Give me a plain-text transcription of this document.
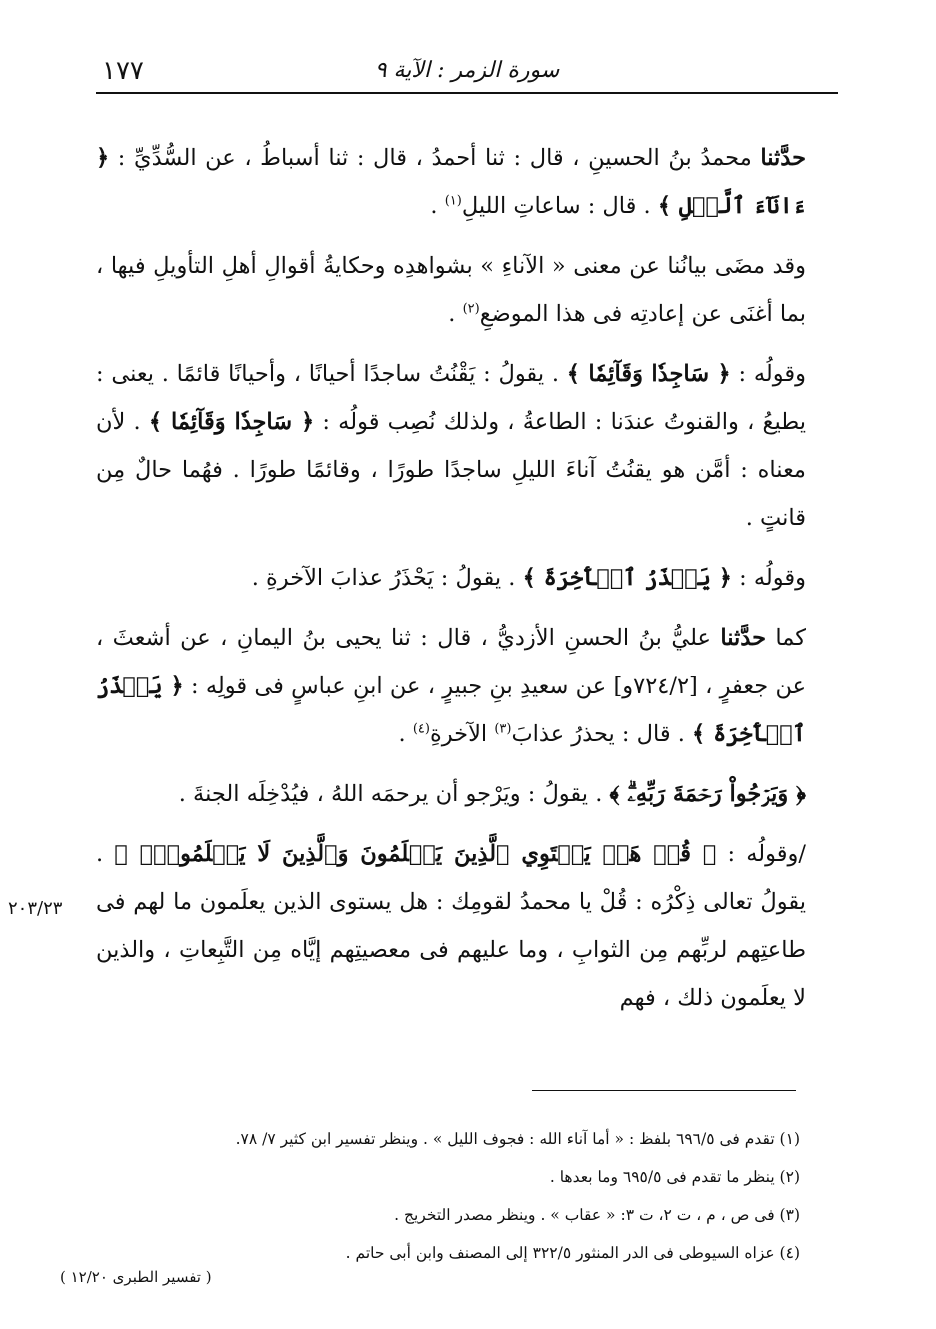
١٧٧	سورة الزمر : الآية ٩

حدَّثنا محمدُ بنُ الحسينِ ، قال : ثنا أحمدُ ، قال : ثنا أسباطُ ، عن السُّدِّيِّ : ﴿ ءَانَآءَ ٱلَّيۡلِ ﴾ . قال : ساعاتِ الليلِ$^{(١)}$ .

وقد مضَى بيانُنا عن معنى « الآناءِ » بشواهدِه وحكايةُ أقوالِ أهلِ التأويلِ فيها ، بما أغنَى عن إعادتِه فى هذا الموضعِ$^{(٢)}$ .

وقولُه : ﴿ سَاجِدٗا وَقَآئِمٗا ﴾ . يقولُ : يَقْنُتُ ساجدًا أحيانًا ، وأحيانًا قائمًا . يعنى : يطيعُ ، والقنوتُ عندَنا : الطاعةُ ، ولذلك نُصِب قولُه : ﴿ سَاجِدٗا وَقَآئِمٗا ﴾ . لأن معناه : أمَّن هو يقنُتُ آناءَ الليلِ ساجدًا طورًا ، وقائمًا طورًا . فهُما حالٌ مِن قانتٍ .

وقولُه : ﴿ يَحۡذَرُ ٱلۡأٓخِرَةَ ﴾ . يقولُ : يَحْذَرُ عذابَ الآخرةِ .

كما حدَّثنا عليُّ بنُ الحسنِ الأزديُّ ، قال : ثنا يحيى بنُ اليمانِ ، عن أشعثَ ، عن جعفرٍ ، [٧٢٤/٢و] عن سعيدِ بنِ جبيرٍ ، عن ابنِ عباسٍ فى قولِه : ﴿ يَحۡذَرُ ٱلۡأٓخِرَةَ ﴾ . قال : يحذرُ عذابَ$^{(٣)}$ الآخرةِ$^{(٤)}$ .

﴿ وَيَرۡجُواْ رَحۡمَةَ رَبِّهِۦۗ ﴾ . يقولُ : ويَرْجو أن يرحمَه اللهُ ، فيُدْخِلَه الجنةَ .

/وقولُه : ﴿ قُلۡ هَلۡ يَسۡتَوِي ٱلَّذِينَ يَعۡلَمُونَ وَٱلَّذِينَ لَا يَعۡلَمُونَۗ ﴾ . يقولُ تعالى ذِكْرُه : قُلْ يا محمدُ لقومِك : هل يستوى الذين يعلَمون ما لهم فى طاعتِهم لربِّهم مِن الثوابِ ، وما عليهم فى معصيتِهم إيَّاه مِن التَّبِعاتِ ، والذين لا يعلَمون ذلك ، فهم

٢٠٣/٢٣

(١) تقدم فى ٦٩٦/٥ بلفظ : « أما آناء الله : فجوف الليل » . وينظر تفسير ابن كثير ٧/ ٧٨.

(٢) ينظر ما تقدم فى ٦٩٥/٥ وما بعدها .

(٣) فى ص ، م ، ت ٢، ت ٣: « عقاب » . وينظر مصدر التخريج .

(٤) عزاه السيوطى فى الدر المنثور ٣٢٢/٥ إلى المصنف وابن أبى حاتم .

( تفسير الطبرى ١٢/٢٠ )
